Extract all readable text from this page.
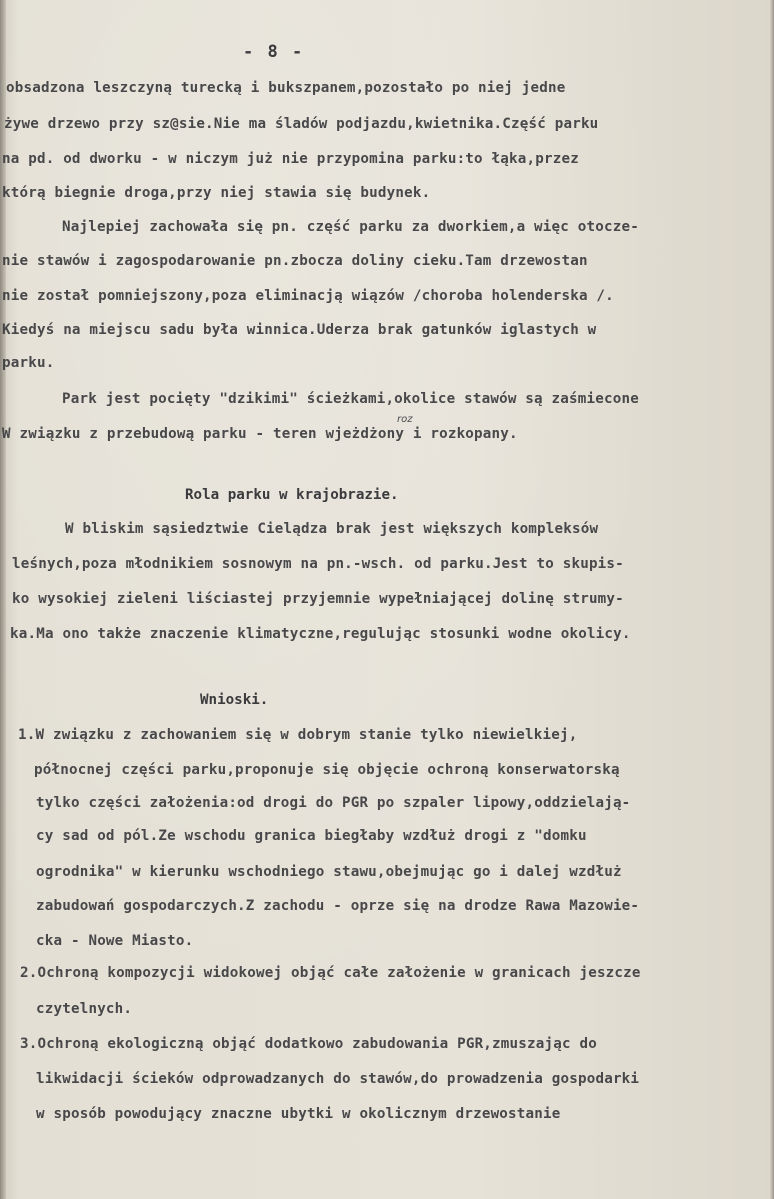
- 8 -
obsadzona leszczyną turecką i bukszpanem,pozostało po niej jedne
żywe drzewo przy sz@sie.Nie ma śladów podjazdu,kwietnika.Część parku
na pd. od dworku - w niczym już nie przypomina parku:to łąka,przez
którą biegnie droga,przy niej stawia się budynek.
Najlepiej zachowała się pn. część parku za dworkiem,a więc otocze-
nie stawów i zagospodarowanie pn.zbocza doliny cieku.Tam drzewostan
nie został pomniejszony,poza eliminacją wiązów /choroba holenderska /.
Kiedyś na miejscu sadu była winnica.Uderza brak gatunków iglastych w
parku.
Park jest pocięty "dzikimi" ścieżkami,okolice stawów są zaśmiecone
roz
W związku z przebudową parku - teren wjeżdżony i rozkopany.
Rola parku w krajobrazie.
W bliskim sąsiedztwie Cielądza brak jest większych kompleksów
leśnych,poza młodnikiem sosnowym na pn.-wsch. od parku.Jest to skupis-
ko wysokiej zieleni liściastej przyjemnie wypełniającej dolinę strumy-
ka.Ma ono także znaczenie klimatyczne,regulując stosunki wodne okolicy.
Wnioski.
1.W związku z zachowaniem się w dobrym stanie tylko niewielkiej,
północnej części parku,proponuje się objęcie ochroną konserwatorską
tylko części założenia:od drogi do PGR po szpaler lipowy,oddzielają-
cy sad od pól.Ze wschodu granica biegłaby wzdłuż drogi z "domku
ogrodnika" w kierunku wschodniego stawu,obejmując go i dalej wzdłuż
zabudowań gospodarczych.Z zachodu - oprze się na drodze Rawa Mazowie-
cka - Nowe Miasto.
2.Ochroną kompozycji widokowej objąć całe założenie w granicach jeszcze
czytelnych.
3.Ochroną ekologiczną objąć dodatkowo zabudowania PGR,zmuszając do
likwidacji ścieków odprowadzanych do stawów,do prowadzenia gospodarki
w sposób powodujący znaczne ubytki w okolicznym drzewostanie
